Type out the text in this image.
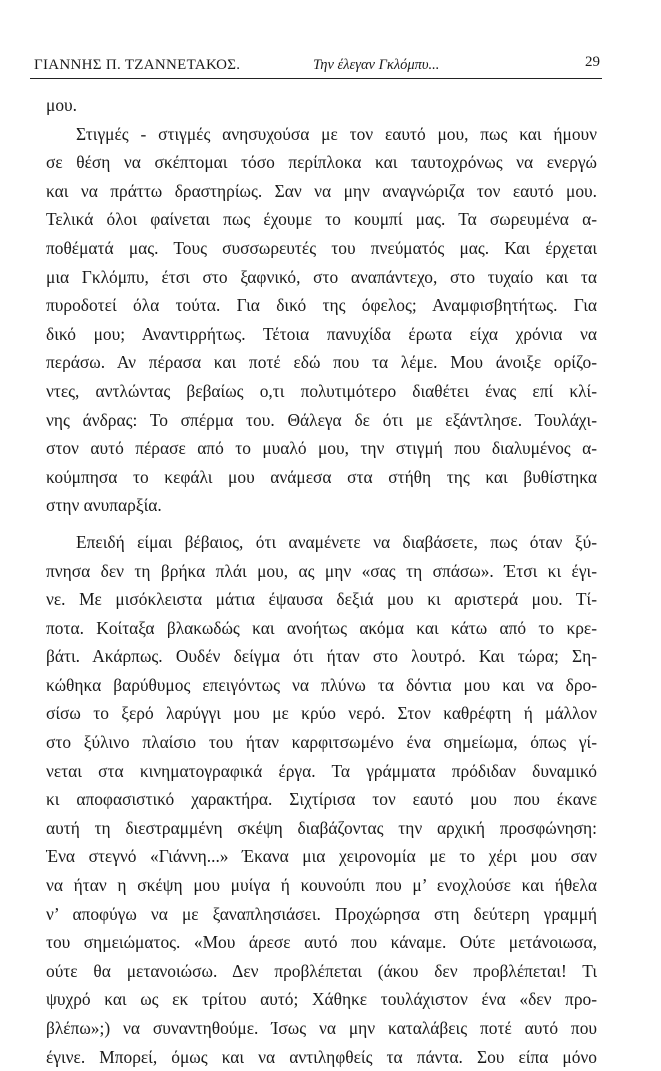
ΓΙΑΝΝΗΣ Π. ΤΖΑΝΝΕΤΑΚΟΣ.	Την έλεγαν Γκλόμπυ...	29
μου.
Στιγμές - στιγμές ανησυχούσα με τον εαυτό μου, πως και ήμουν
σε θέση να σκέπτομαι τόσο περίπλοκα και ταυτοχρόνως να ενεργώ
και να πράττω δραστηρίως. Σαν να μην αναγνώριζα τον εαυτό μου.
Τελικά όλοι φαίνεται πως έχουμε το κουμπί μας. Τα σωρευμένα α-
ποθέματά μας. Τους συσσωρευτές του πνεύματός μας. Και έρχεται
μια Γκλόμπυ, έτσι στο ξαφνικό, στο αναπάντεχο, στο τυχαίο και τα
πυροδοτεί όλα τούτα. Για δικό της όφελος; Αναμφισβητήτως. Για
δικό μου; Αναντιρρήτως. Τέτοια πανυχίδα έρωτα είχα χρόνια να
περάσω. Αν πέρασα και ποτέ εδώ που τα λέμε. Μου άνοιξε ορίζο-
ντες, αντλώντας βεβαίως ο,τι πολυτιμότερο διαθέτει ένας επί κλί-
νης άνδρας: Το σπέρμα του. Θάλεγα δε ότι με εξάντλησε. Τουλάχι-
στον αυτό πέρασε από το μυαλό μου, την στιγμή που διαλυμένος α-
κούμπησα το κεφάλι μου ανάμεσα στα στήθη της και βυθίστηκα
στην ανυπαρξία.
Επειδή είμαι βέβαιος, ότι αναμένετε να διαβάσετε, πως όταν ξύ-
πνησα δεν τη βρήκα πλάι μου, ας μην «σας τη σπάσω». Έτσι κι έγι-
νε. Με μισόκλειστα μάτια έψαυσα δεξιά μου κι αριστερά μου. Τί-
ποτα. Κοίταξα βλακωδώς και ανοήτως ακόμα και κάτω από το κρε-
βάτι. Ακάρπως. Ουδέν δείγμα ότι ήταν στο λουτρό. Και τώρα; Ση-
κώθηκα βαρύθυμος επειγόντως να πλύνω τα δόντια μου και να δρο-
σίσω το ξερό λαρύγγι μου με κρύο νερό. Στον καθρέφτη ή μάλλον
στο ξύλινο πλαίσιο του ήταν καρφιτσωμένο ένα σημείωμα, όπως γί-
νεται στα κινηματογραφικά έργα. Τα γράμματα πρόδιδαν δυναμικό
κι αποφασιστικό χαρακτήρα. Σιχτίρισα τον εαυτό μου που έκανε
αυτή τη διεστραμμένη σκέψη διαβάζοντας την αρχική προσφώνηση:
Ένα στεγνό «Γιάννη...» Έκανα μια χειρονομία με το χέρι μου σαν
να ήταν η σκέψη μου μυίγα ή κουνούπι που μ’ ενοχλούσε και ήθελα
ν’ αποφύγω να με ξαναπλησιάσει. Προχώρησα στη δεύτερη γραμμή
του σημειώματος. «Μου άρεσε αυτό που κάναμε. Ούτε μετάνοιωσα,
ούτε θα μετανοιώσω. Δεν προβλέπεται (άκου δεν προβλέπεται! Τι
ψυχρό και ως εκ τρίτου αυτό; Χάθηκε τουλάχιστον ένα «δεν προ-
βλέπω»;) να συναντηθούμε. Ίσως να μην καταλάβεις ποτέ αυτό που
έγινε. Μπορεί, όμως και να αντιληφθείς τα πάντα. Σου είπα μόνο
